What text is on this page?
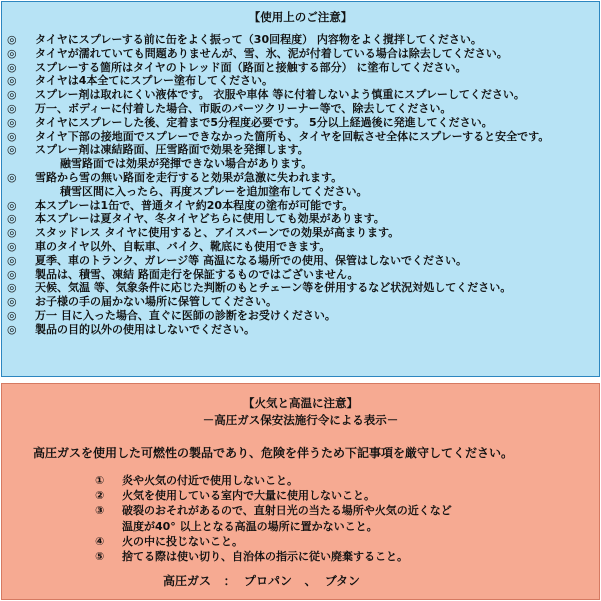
【使用上のご注意】
◎	タイヤにスプレーする前に缶をよく振って（30回程度） 内容物をよく撹拌してください。
◎	タイヤが濡れていても問題ありませんが、雪、氷、泥が付着している場合は除去してください。
◎	スプレーする箇所はタイヤのトレッド面（路面と接触する部分） に塗布してください。
◎	タイヤは4本全てにスプレー塗布してください。
◎	スプレー剤は取れにくい液体です。 衣服や車体 等に付着しないよう慎重にスプレーしてください。
◎	万一、ボディーに付着した場合、市販のパーツクリーナー等で、除去してください。
◎	タイヤにスプレーした後、定着まで5分程度必要です。 5分以上経過後に発進してください。
◎	タイヤ下部の接地面でスプレーできなかった箇所も、タイヤを回転させ全体にスプレーすると安全です。
◎	スプレー剤は凍結路面、圧雪路面で効果を発揮します。
融雪路面では効果が発揮できない場合があります。
◎	雪路から雪の無い路面を走行すると効果が急激に失われます。
積雪区間に入ったら、再度スプレーを追加塗布してください。
◎	本スプレーは1缶で、普通タイヤ約20本程度の塗布が可能です。
◎	本スプレーは夏タイヤ、冬タイヤどちらに使用しても効果があります。
◎	スタッドレス タイヤに使用すると、アイスバーンでの効果が高まります。
◎	車のタイヤ以外、自転車、バイク、靴底にも使用できます。
◎	夏季、車のトランク、ガレージ等 高温になる場所での使用、保管はしないでください。
◎	製品は、積雪、凍結 路面走行を保証するものではございません。
◎	天候、気温 等、気象条件に応じた判断のもとチェーン等を併用するなど状況対処してください。
◎	お子様の手の届かない場所に保管してください。
◎	万一 目に入った場合、直ぐに医師の診断をお受けください。
◎	製品の目的以外の使用はしないでください。
【火気と高温に注意】
－高圧ガス保安法施行令による表示－
高圧ガスを使用した可燃性の製品であり、危険を伴うため下記事項を厳守してください。
① 炎や火気の付近で使用しないこと。
② 火気を使用している室内で大量に使用しないこと。
③ 破裂のおそれがあるので、直射日光の当たる場所や火気の近くなど
温度が40° 以上となる高温の場所に置かないこと。
④ 火の中に投じないこと。
⑤ 捨てる際は使い切り、自治体の指示に従い廃棄すること。
高圧ガス ： プロパン 、 ブタン
